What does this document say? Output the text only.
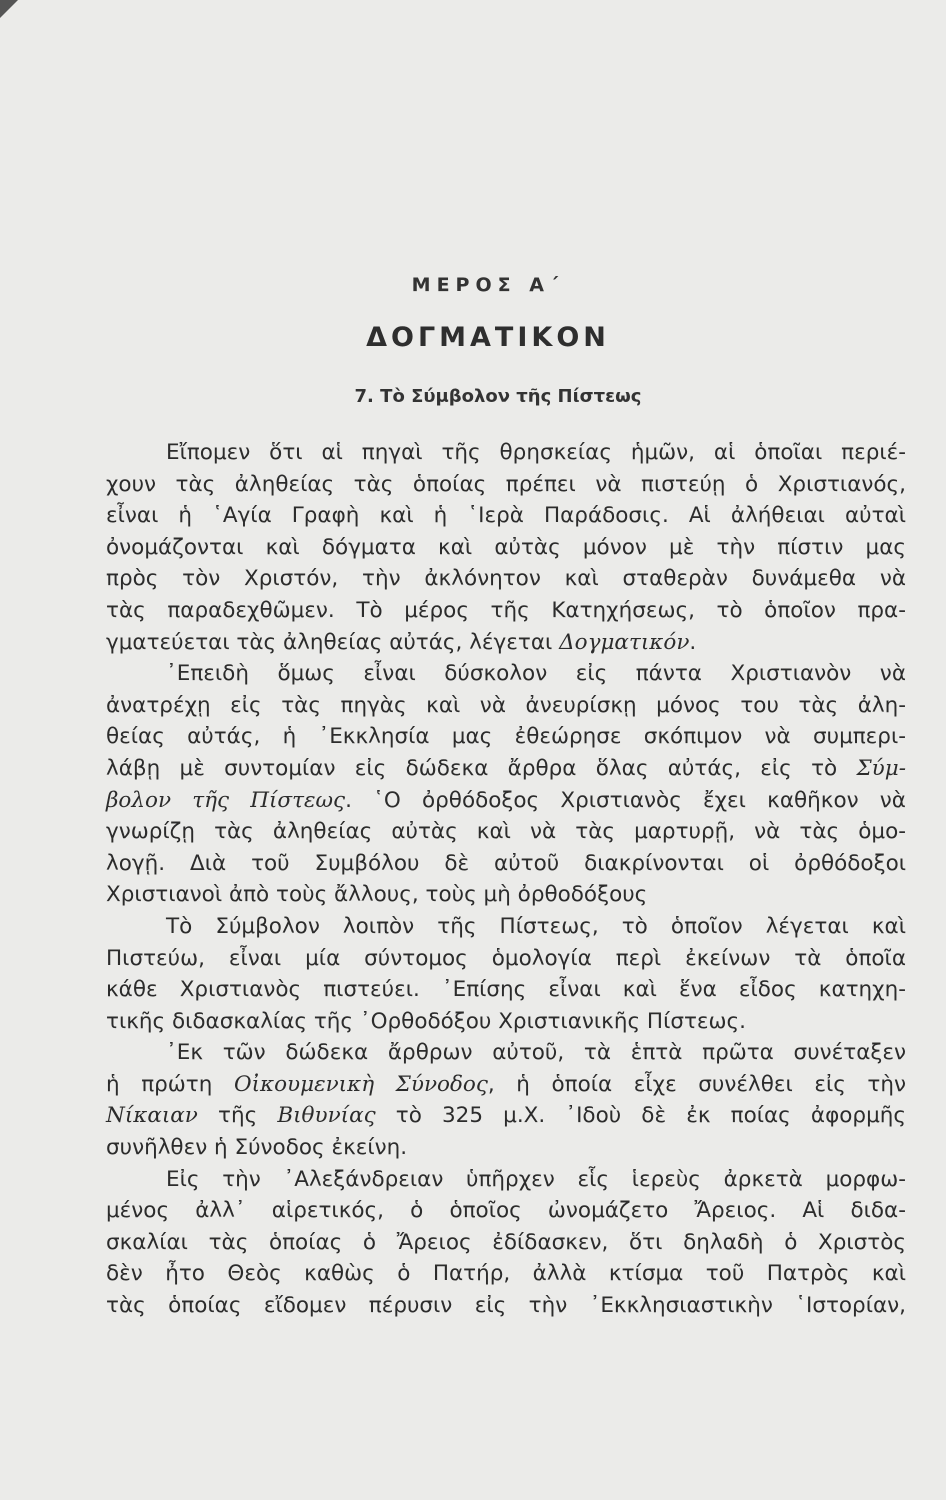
ΜΕΡΟΣ Α΄
ΔΟΓΜΑΤΙΚΟΝ
7. Τὸ Σύμβολον τῆς Πίστεως
Εἴπομεν ὅτι αἱ πηγαὶ τῆς θρησκείας ἡμῶν, αἱ ὁποῖαι περιέ-
χουν τὰς ἀληθείας τὰς ὁποίας πρέπει νὰ πιστεύῃ ὁ Χριστιανός,
εἶναι ἡ ῾Αγία Γραφὴ καὶ ἡ ῾Ιερὰ Παράδοσις. Αἱ ἀλήθειαι αὐταὶ
ὀνομάζονται καὶ δόγματα καὶ αὐτὰς μόνον μὲ τὴν πίστιν μας
πρὸς τὸν Χριστόν, τὴν ἀκλόνητον καὶ σταθερὰν δυνάμεθα νὰ
τὰς παραδεχθῶμεν. Τὸ μέρος τῆς Κατηχήσεως, τὸ ὁποῖον πρα-
γματεύεται τὰς ἀληθείας αὐτάς, λέγεται Δογματικόν.
᾿Επειδὴ ὅμως εἶναι δύσκολον εἰς πάντα Χριστιανὸν νὰ
ἀνατρέχῃ εἰς τὰς πηγὰς καὶ νὰ ἀνευρίσκῃ μόνος του τὰς ἀλη-
θείας αὐτάς, ἡ ᾿Εκκλησία μας ἐθεώρησε σκόπιμον νὰ συμπερι-
λάβῃ μὲ συντομίαν εἰς δώδεκα ἄρθρα ὅλας αὐτάς, εἰς τὸ Σύμ-
βολον τῆς Πίστεως. ῾Ο ὀρθόδοξος Χριστιανὸς ἔχει καθῆκον νὰ
γνωρίζῃ τὰς ἀληθείας αὐτὰς καὶ νὰ τὰς μαρτυρῇ, νὰ τὰς ὁμο-
λογῇ. Διὰ τοῦ Συμβόλου δὲ αὐτοῦ διακρίνονται οἱ ὀρθόδοξοι
Χριστιανοὶ ἀπὸ τοὺς ἄλλους, τοὺς μὴ ὀρθοδόξους
Τὸ Σύμβολον λοιπὸν τῆς Πίστεως, τὸ ὁποῖον λέγεται καὶ
Πιστεύω, εἶναι μία σύντομος ὁμολογία περὶ ἐκείνων τὰ ὁποῖα
κάθε Χριστιανὸς πιστεύει. ᾿Επίσης εἶναι καὶ ἕνα εἶδος κατηχη-
τικῆς διδασκαλίας τῆς ᾿Ορθοδόξου Χριστιανικῆς Πίστεως.
᾿Εκ τῶν δώδεκα ἄρθρων αὐτοῦ, τὰ ἑπτὰ πρῶτα συνέταξεν
ἡ πρώτη Οἰκουμενικὴ Σύνοδος, ἡ ὁποία εἶχε συνέλθει εἰς τὴν
Νίκαιαν τῆς Βιθυνίας τὸ 325 μ.Χ. ᾿Ιδοὺ δὲ ἐκ ποίας ἀφορμῆς
συνῆλθεν ἡ Σύνοδος ἐκείνη.
Εἰς τὴν ᾿Αλεξάνδρειαν ὑπῆρχεν εἷς ἱερεὺς ἀρκετὰ μορφω-
μένος ἀλλ᾿ αἱρετικός, ὁ ὁποῖος ὠνομάζετο Ἄρειος. Αἱ διδα-
σκαλίαι τὰς ὁποίας ὁ Ἄρειος ἐδίδασκεν, ὅτι δηλαδὴ ὁ Χριστὸς
δὲν ἦτο Θεὸς καθὼς ὁ Πατήρ, ἀλλὰ κτίσμα τοῦ Πατρὸς καὶ
τὰς ὁποίας εἴδομεν πέρυσιν εἰς τὴν ᾿Εκκλησιαστικὴν ῾Ιστορίαν,
